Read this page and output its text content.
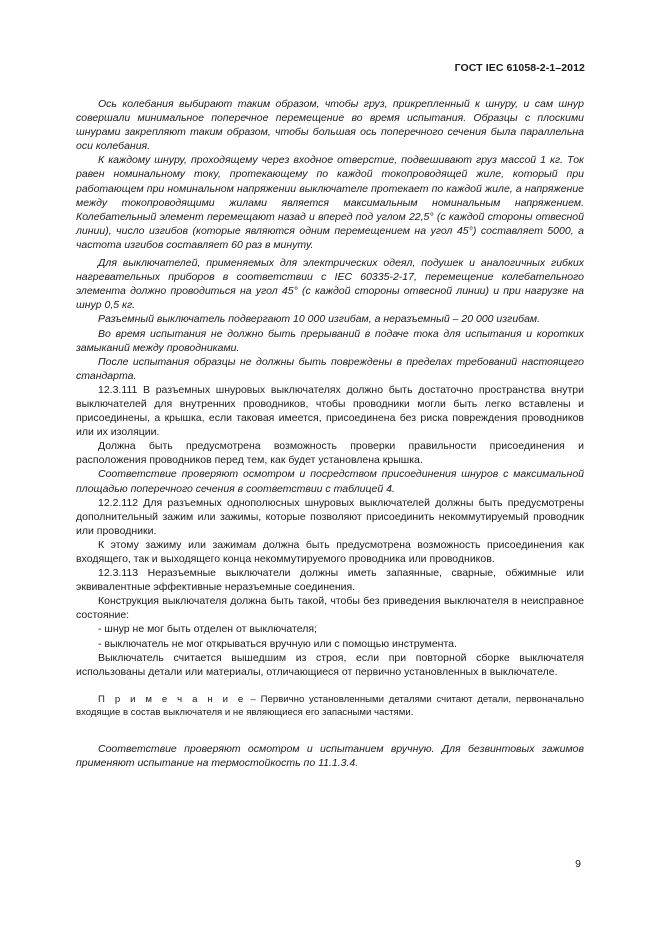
ГОСТ IEC 61058-2-1–2012

Ось колебания выбирают таким образом, чтобы груз, прикрепленный к шнуру, и сам шнур совершали минимальное поперечное перемещение во время испытания. Образцы с плоскими шнурами закрепляют таким образом, чтобы большая ось поперечного сечения была параллельна оси колебания.

К каждому шнуру, проходящему через входное отверстие, подвешивают груз массой 1 кг. Ток равен номинальному току, протекающему по каждой токопроводящей жиле, который при работающем при номинальном напряжении выключателе протекает по каждой жиле, а напряжение между токопроводящими жилами является максимальным номинальным напряжением. Колебательный элемент перемещают назад и вперед под углом 22,5° (с каждой стороны отвесной линии), число изгибов (которые являются одним перемещением на угол 45°) составляет 5000, а частота изгибов составляет 60 раз в минуту.

Для выключателей, применяемых для электрических одеял, подушек и аналогичных гибких нагревательных приборов в соответствии с IEC 60335-2-17, перемещение колебательного элемента должно проводиться на угол 45° (с каждой стороны отвесной линии) и при нагрузке на шнур 0,5 кг.

Разъемный выключатель подвергают 10 000 изгибам, а неразъемный – 20 000 изгибам.

Во время испытания не должно быть прерываний в подаче тока для испытания и коротких замыканий между проводниками.

После испытания образцы не должны быть повреждены в пределах требований настоящего стандарта.

12.3.111 В разъемных шнуровых выключателях должно быть достаточно пространства внутри выключателей для внутренних проводников, чтобы проводники могли быть легко вставлены и присоединены, а крышка, если таковая имеется, присоединена без риска повреждения проводников или их изоляции.

Должна быть предусмотрена возможность проверки правильности присоединения и расположения проводников перед тем, как будет установлена крышка.

Соответствие проверяют осмотром и посредством присоединения шнуров с максимальной площадью поперечного сечения в соответствии с таблицей 4.

12.2.112 Для разъемных однополюсных шнуровых выключателей должны быть предусмотрены дополнительный зажим или зажимы, которые позволяют присоединить некоммутируемый проводник или проводники.

К этому зажиму или зажимам должна быть предусмотрена возможность присоединения как входящего, так и выходящего конца некоммутируемого проводника или проводников.

12.3.113 Неразъемные выключатели должны иметь запаянные, сварные, обжимные или эквивалентные эффективные неразъемные соединения.

Конструкция выключателя должна быть такой, чтобы без приведения выключателя в неисправное состояние:

- шнур не мог быть отделен от выключателя;

- выключатель не мог открываться вручную или с помощью инструмента.

Выключатель считается вышедшим из строя, если при повторной сборке выключателя использованы детали или материалы, отличающиеся от первично установленных в выключателе.

П р и м е ч а н и е – Первично установленными деталями считают детали, первоначально входящие в состав выключателя и не являющиеся его запасными частями.

Соответствие проверяют осмотром и испытанием вручную. Для безвинтовых зажимов применяют испытание на термостойкость по 11.1.3.4.

9
